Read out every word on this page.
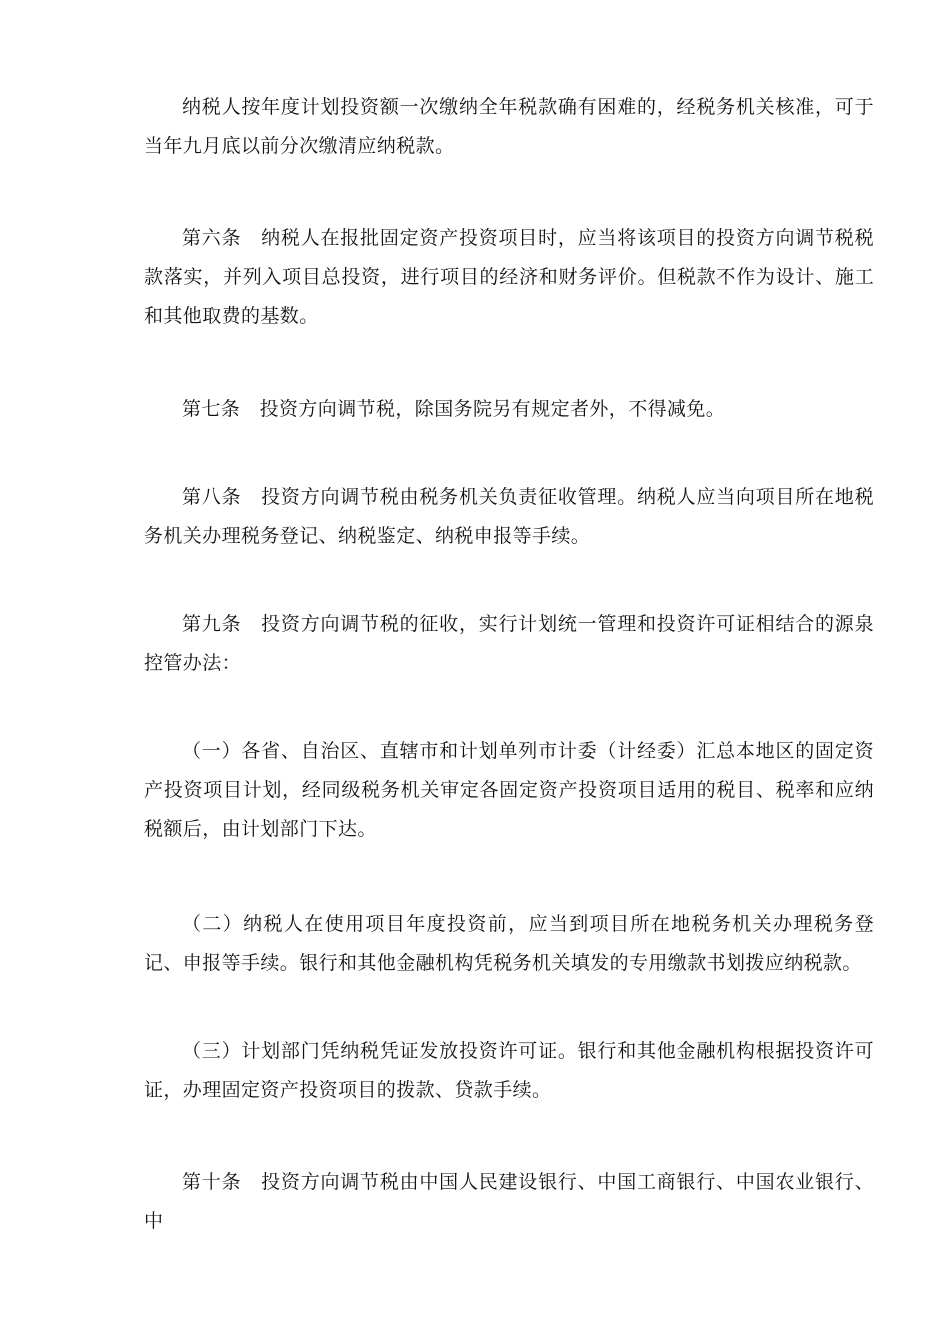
纳税人按年度计划投资额一次缴纳全年税款确有困难的，经税务机关核准，可于当年九月底以前分次缴清应纳税款。

第六条　纳税人在报批固定资产投资项目时，应当将该项目的投资方向调节税税款落实，并列入项目总投资，进行项目的经济和财务评价。但税款不作为设计、施工和其他取费的基数。

第七条　投资方向调节税，除国务院另有规定者外，不得减免。

第八条　投资方向调节税由税务机关负责征收管理。纳税人应当向项目所在地税务机关办理税务登记、纳税鉴定、纳税申报等手续。

第九条　投资方向调节税的征收，实行计划统一管理和投资许可证相结合的源泉控管办法：

（一）各省、自治区、直辖市和计划单列市计委（计经委）汇总本地区的固定资产投资项目计划，经同级税务机关审定各固定资产投资项目适用的税目、税率和应纳税额后，由计划部门下达。

（二）纳税人在使用项目年度投资前，应当到项目所在地税务机关办理税务登记、申报等手续。银行和其他金融机构凭税务机关填发的专用缴款书划拨应纳税款。

（三）计划部门凭纳税凭证发放投资许可证。银行和其他金融机构根据投资许可证，办理固定资产投资项目的拨款、贷款手续。

第十条　投资方向调节税由中国人民建设银行、中国工商银行、中国农业银行、中
